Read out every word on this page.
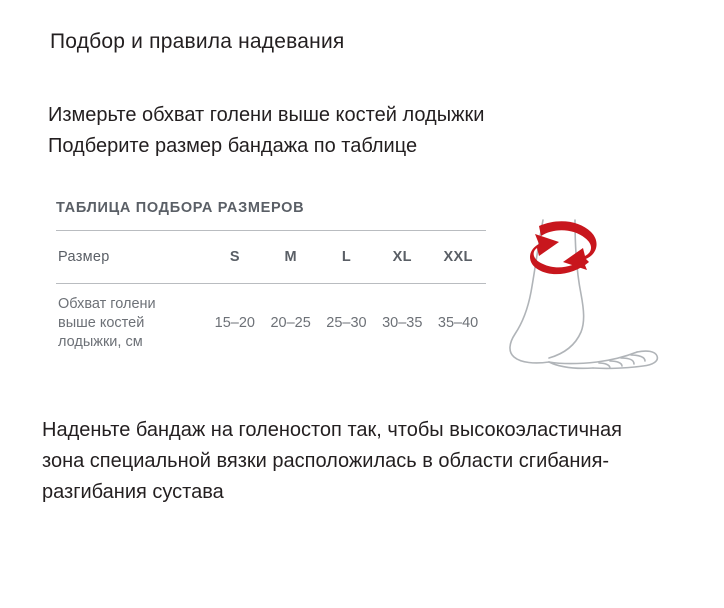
Подбор и правила надевания
Измерьте обхват голени выше костей лодыжки
Подберите размер бандажа по таблице
ТАБЛИЦА ПОДБОРА РАЗМЕРОВ
Размер	S	M	L	XL	XXL

Обхват голени
выше костей
лодыжки, см	15–20	20–25	25–30	30–35	35–40
Наденьте бандаж на голеностоп так, чтобы высокоэластичная зона специальной вязки расположилась в области сгибания-разгибания сустава
